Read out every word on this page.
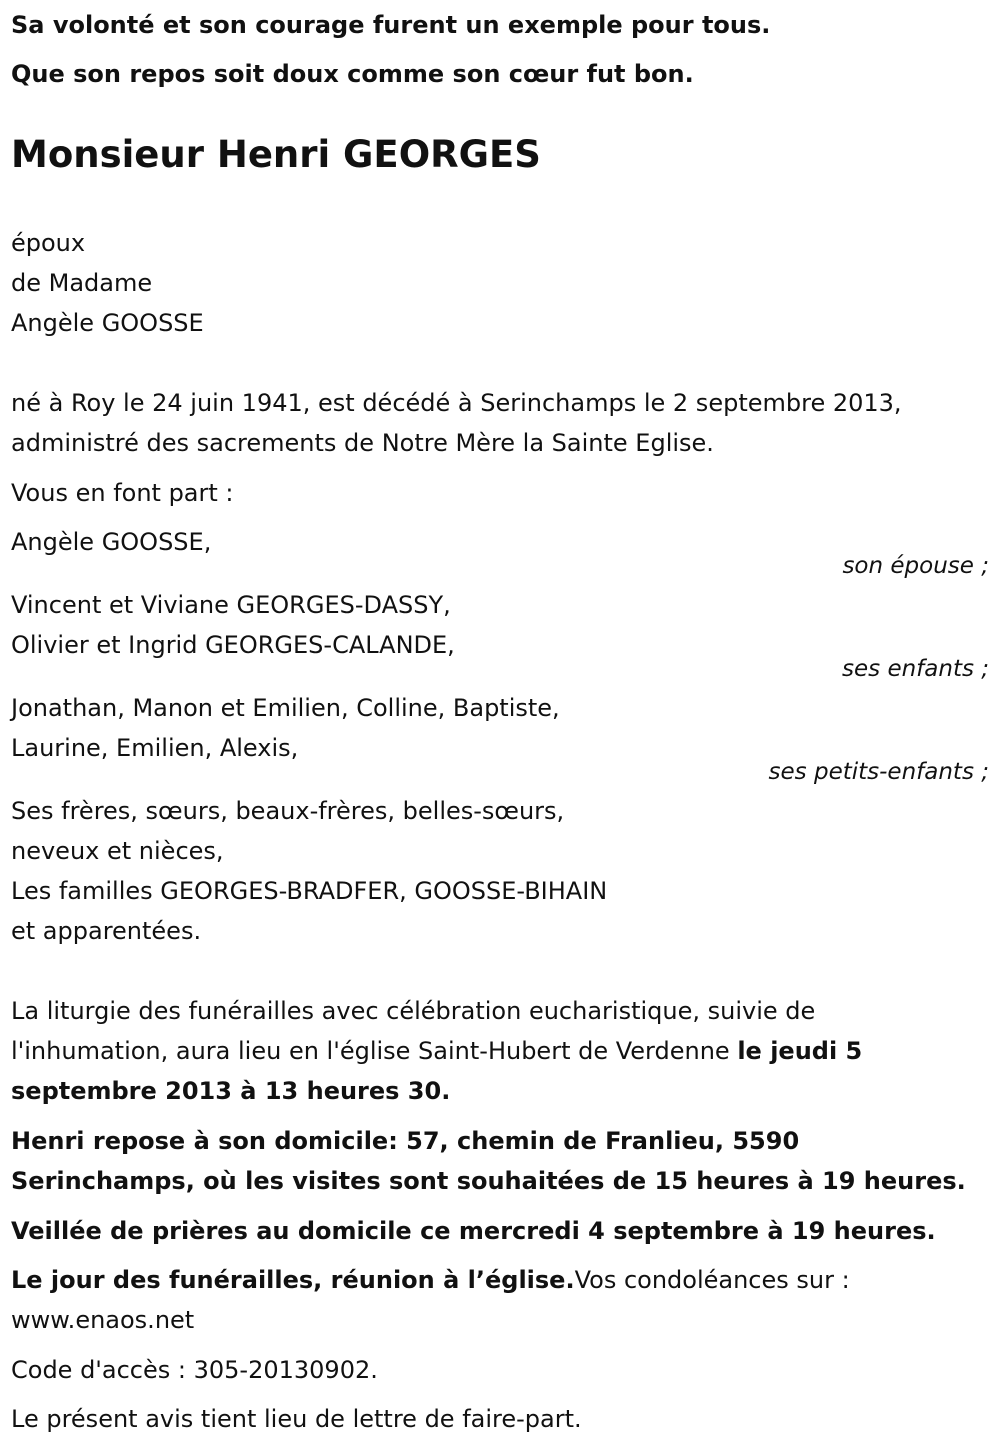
Sa volonté et son courage furent un exemple pour tous.
Que son repos soit doux comme son cœur fut bon.
Monsieur Henri GEORGES
époux
de Madame
Angèle GOOSSE
né à Roy le 24 juin 1941, est décédé à Serinchamps le 2 septembre 2013,
administré des sacrements de Notre Mère la Sainte Eglise.
Vous en font part :
Angèle GOOSSE,
son épouse ;
Vincent et Viviane GEORGES-DASSY,
Olivier et Ingrid GEORGES-CALANDE,
ses enfants ;
Jonathan, Manon et Emilien, Colline, Baptiste,
Laurine, Emilien, Alexis,
ses petits-enfants ;
Ses frères, sœurs, beaux-frères, belles-sœurs,
neveux et nièces,
Les familles GEORGES-BRADFER, GOOSSE-BIHAIN
et apparentées.
La liturgie des funérailles avec célébration eucharistique, suivie de
l'inhumation, aura lieu en l'église Saint-Hubert de Verdenne le jeudi 5
septembre 2013 à 13 heures 30.
Henri repose à son domicile: 57, chemin de Franlieu, 5590
Serinchamps, où les visites sont souhaitées de 15 heures à 19 heures.
Veillée de prières au domicile ce mercredi 4 septembre à 19 heures.
Le jour des funérailles, réunion à l’église.Vos condoléances sur :
www.enaos.net
Code d'accès : 305-20130902.
Le présent avis tient lieu de lettre de faire-part.
